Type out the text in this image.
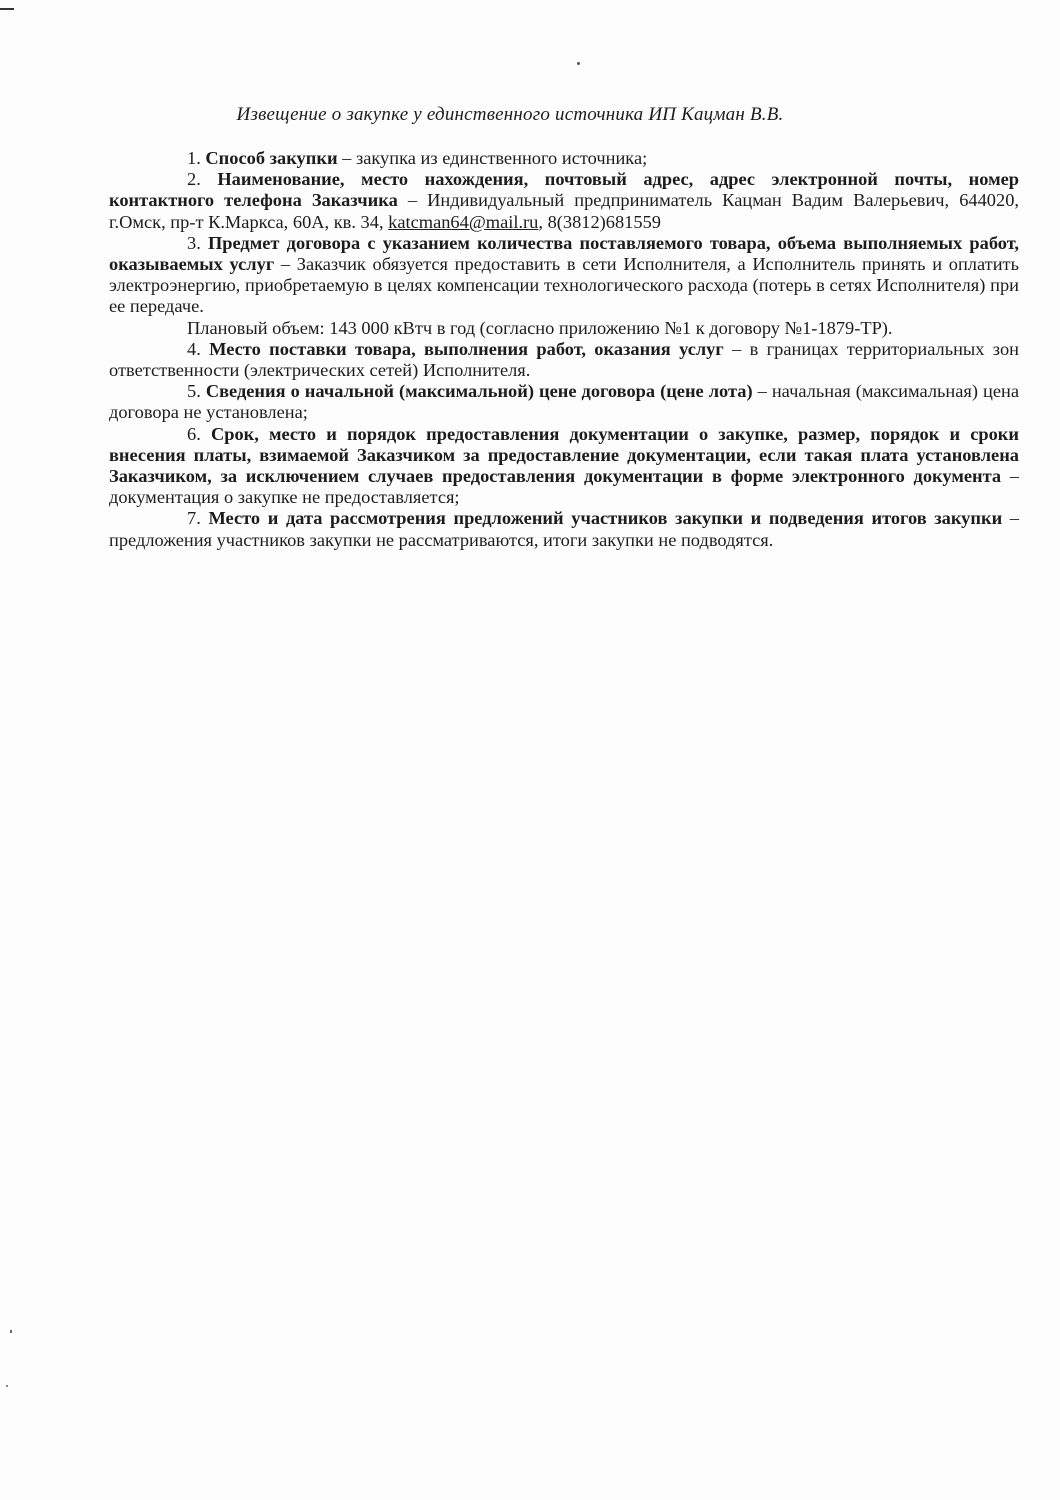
Извещение о закупке у единственного источника ИП Кацман В.В.

1. Способ закупки – закупка из единственного источника;

2. Наименование, место нахождения, почтовый адрес, адрес электронной почты, номер контактного телефона Заказчика – Индивидуальный предприниматель Кацман Вадим Валерьевич, 644020, г.Омск, пр-т К.Маркса, 60А, кв. 34, katcman64@mail.ru, 8(3812)681559

3. Предмет договора с указанием количества поставляемого товара, объема выполняемых работ, оказываемых услуг – Заказчик обязуется предоставить в сети Исполнителя, а Исполнитель принять и оплатить электроэнергию, приобретаемую в целях компенсации технологического расхода (потерь в сетях Исполнителя) при ее передаче.

Плановый объем: 143 000 кВтч в год (согласно приложению №1 к договору №1-1879-ТР).

4. Место поставки товара, выполнения работ, оказания услуг – в границах территориальных зон ответственности (электрических сетей) Исполнителя.

5. Сведения о начальной (максимальной) цене договора (цене лота) – начальная (максимальная) цена договора не установлена;

6. Срок, место и порядок предоставления документации о закупке, размер, порядок и сроки внесения платы, взимаемой Заказчиком за предоставление документации, если такая плата установлена Заказчиком, за исключением случаев предоставления документации в форме электронного документа – документация о закупке не предоставляется;

7. Место и дата рассмотрения предложений участников закупки и подведения итогов закупки – предложения участников закупки не рассматриваются, итоги закупки не подводятся.
